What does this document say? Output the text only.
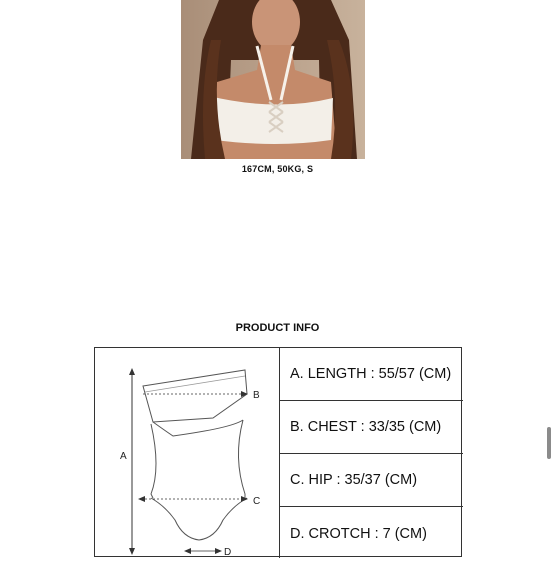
167CM, 50KG, S
PRODUCT INFO
A
B
C
D
A. LENGTH : 55/57 (CM)
B. CHEST : 33/35 (CM)
C. HIP : 35/37 (CM)
D. CROTCH : 7 (CM)
